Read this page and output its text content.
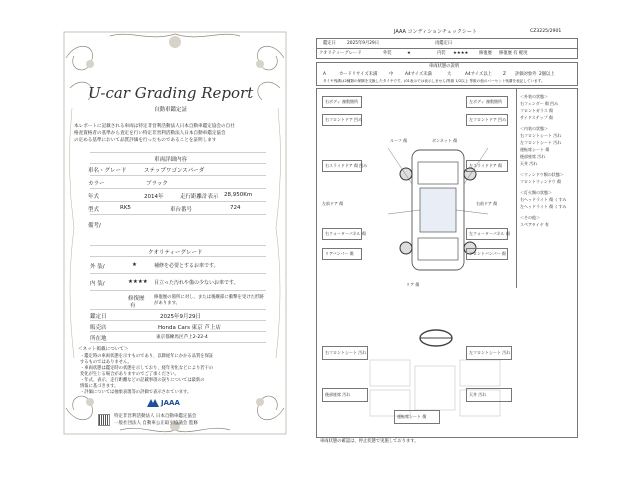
U-car Grading Report
自動車鑑定証
本レポートに記載される車両は特定非営利活動法人日本自動車鑑定協会の自社
格査資格者の基準から査定を行い特定非営利活動法人日本自動車鑑定協会
の定める基準において品質評価を行ったものであることを証明します
車両詳細内容
車名・グレード	ステップワゴンスパーダ
カラー	ブラック
年式	2014年	走行距離計表示 28,950Km
型式	RK5	車台番号	724
備考/
クオリティーグレード
外 装/	★	補修を必要とするお車です。
内 装/	★★★★ 目立った汚れや傷の少ないお車です。
修復歴
有
修復歴の箇所に対し、または後継部に衝撃を受けた形跡があります。
鑑定日	2025年9月29日
販売店	Honda Cars 東京 芦上店
所在地	東京都練馬区芦上2-22-4
＜ネット掲載について＞
・鑑定時の車両状態を示すものであり、以降経年にかかる品質を保証
するものではありません。
・車両状態は鑑定時の状態を示しており、経年劣化などにより若干の
変化が生じる場合がありますのでご了承ください。
・年式、表示、走行距離などの記載事項の誤りについては最新の
情報に基づきます。
・評価については抽象表現等の評価で表示されています。
JAAA
特定非営利活動法人 日本自動車鑑定協会
一般社団法人 自動車公正取引協議会 監修
JAAA コンディションチェックシート	CZ3225/2901
鑑定日	2025年9月29日	再鑑定日
クオリティーグレード	外装	★	内装 ★★★★ 修復歴 修復歴 有 軽度
車両状態の説明
A	カードリサイズ未満	中	A4サイズ未満	大	A4サイズ以上	Z 評価対象外
タイヤ残溝は2種類の保険を交換したタイヤです。(01表示では表示しません) 等級 1/2以上 等級の他のパーセント残溝を表記しています。
2個以上
ルーフ 傷	ボンネット 傷
左前ドア 傷	右前ドア 傷
リア 傷
右ボディ 複数箇所
右フロントドア 凹み
右スライドドア 傷 凹み
右クォーターパネル 傷
リアバンパー 傷
左ボディ 複数箇所
左フロントドア 凹み
左スライドドア 傷
左クォーターパネル 傷
フロントバンパー 傷
＜外装の状態＞
右フェンダー 傷 凹み
フロントガラス 傷
サイドステップ 傷
＜内装の状態＞
右フロントシート 汚れ
左フロントシート 汚れ
運転席シート 傷
後部座席 汚れ
天井 汚れ
＜ウィンドウ類の状態＞
フロントウィンドウ 傷
＜灯火類の状態＞
右ヘッドライト 傷 くすみ
左ヘッドライト 傷 くすみ
＜その他＞
スペアタイヤ 有
右フロントシート 汚れ	左フロントシート 汚れ
後部座席 汚れ	天井 汚れ
運転席シート 傷
車両状態の確認は、停止状態で実施しております。
